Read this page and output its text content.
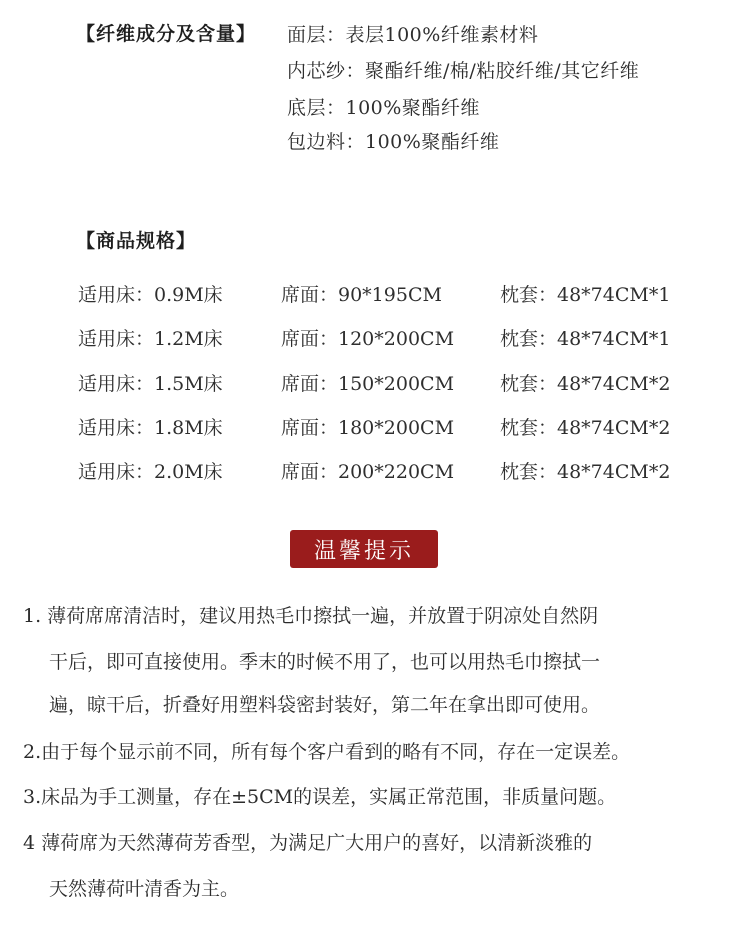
【纤维成分及含量】 面层：表层100%纤维素材料
内芯纱：聚酯纤维/棉/粘胶纤维/其它纤维
底层：100%聚酯纤维
包边料：100%聚酯纤维
【商品规格】
适用床：0.9M床	席面：90*195CM	枕套：48*74CM*1
适用床：1.2M床	席面：120*200CM 枕套：48*74CM*1
适用床：1.5M床	席面：150*200CM 枕套：48*74CM*2
适用床：1.8M床	席面：180*200CM 枕套：48*74CM*2
适用床：2.0M床	席面：200*220CM 枕套：48*74CM*2
温馨提示
1. 薄荷席席清洁时，建议用热毛巾擦拭一遍，并放置于阴凉处自然阴
干后，即可直接使用。季末的时候不用了，也可以用热毛巾擦拭一
遍，晾干后，折叠好用塑料袋密封装好，第二年在拿出即可使用。
2.由于每个显示前不同，所有每个客户看到的略有不同，存在一定误差。
3.床品为手工测量，存在±5CM的误差，实属正常范围，非质量问题。
4 薄荷席为天然薄荷芳香型，为满足广大用户的喜好，以清新淡雅的
天然薄荷叶清香为主。
